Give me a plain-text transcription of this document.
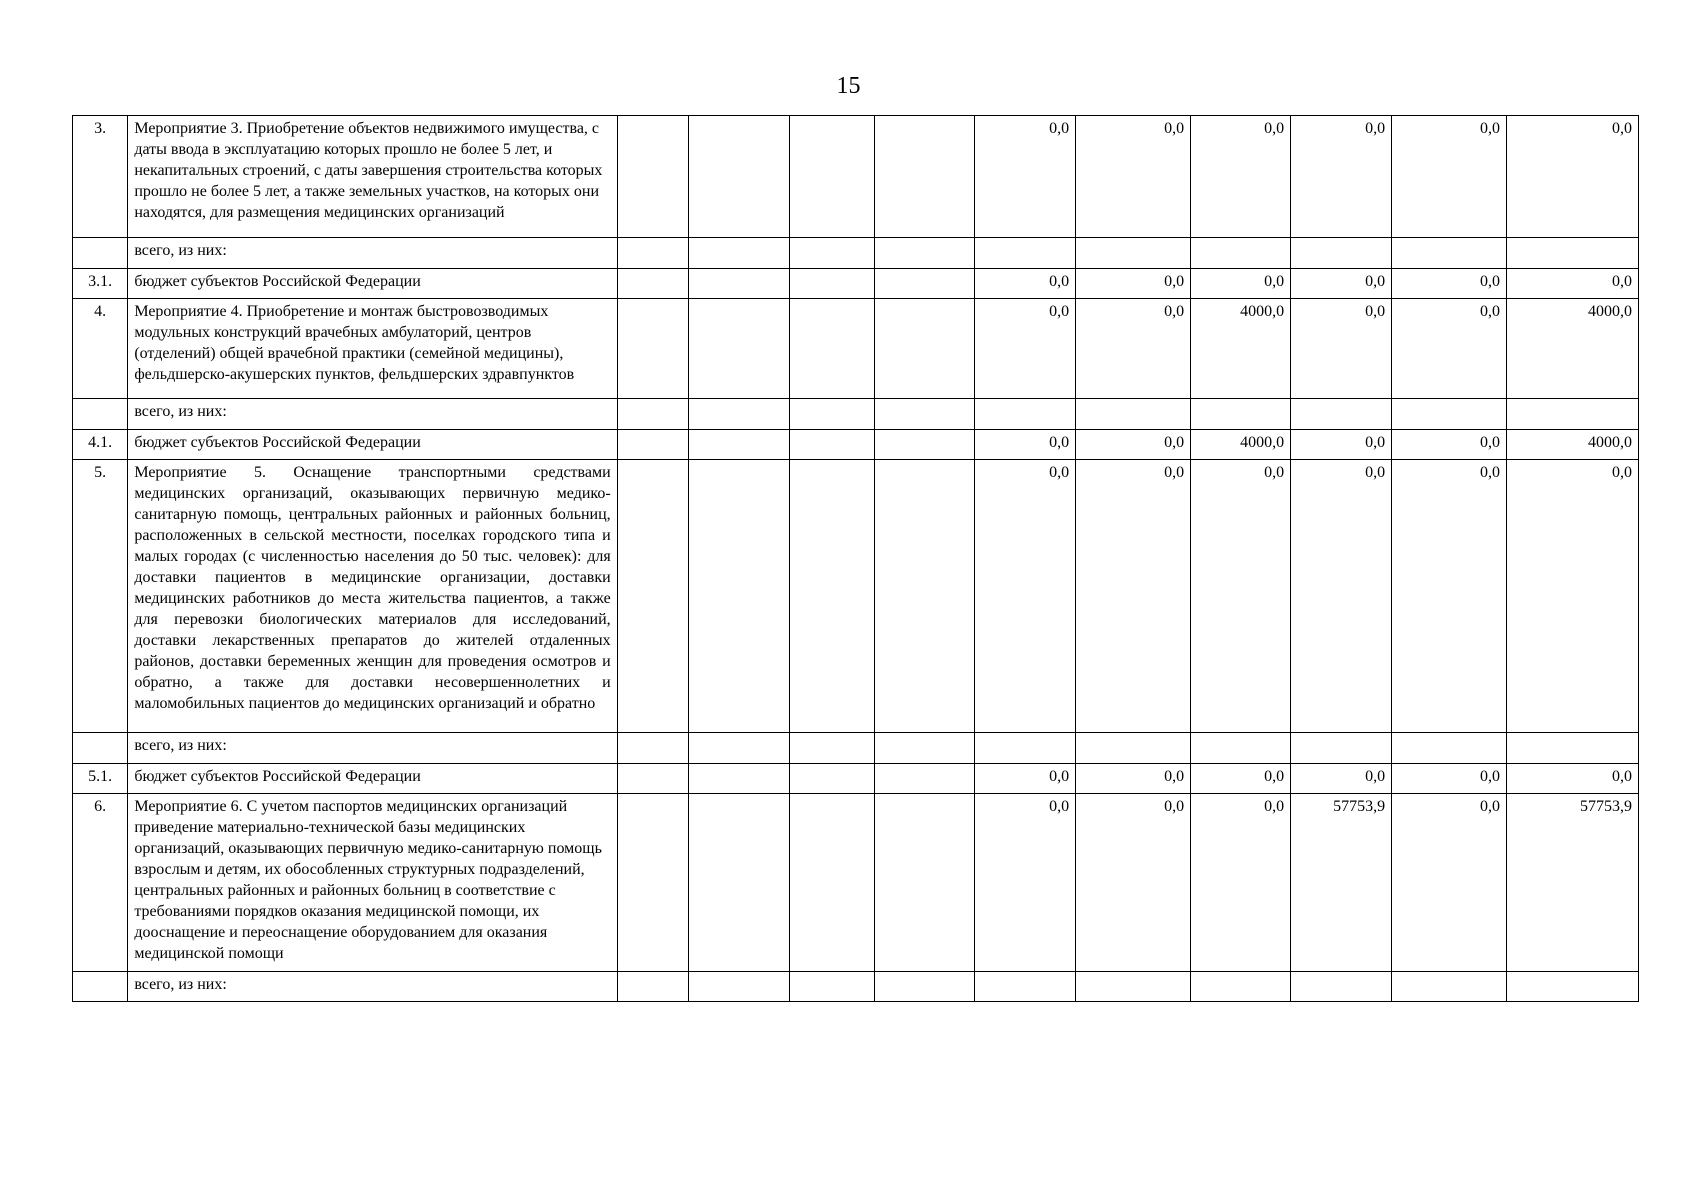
15
3.	Мероприятие 3. Приобретение объектов недвижимого имущества, с даты ввода в эксплуатацию которых прошло не более 5 лет, и некапитальных строений, с даты завершения строительства которых прошло не более 5 лет, а также земельных участков, на которых они находятся, для размещения медицинских организаций					0,0	0,0	0,0	0,0	0,0	0,0
	всего, из них:										
3.1.	бюджет субъектов Российской Федерации					0,0	0,0	0,0	0,0	0,0	0,0
4.	Мероприятие 4. Приобретение и монтаж быстровозводимых модульных конструкций врачебных амбулаторий, центров (отделений) общей врачебной практики (семейной медицины), фельдшерско-акушерских пунктов, фельдшерских здравпунктов					0,0	0,0	4000,0	0,0	0,0	4000,0
	всего, из них:										
4.1.	бюджет субъектов Российской Федерации					0,0	0,0	4000,0	0,0	0,0	4000,0
5.	Мероприятие 5. Оснащение транспортными средствами медицинских организаций, оказывающих первичную медико-санитарную помощь, центральных районных и районных больниц, расположенных в сельской местности, поселках городского типа и малых городах (с численностью населения до 50 тыс. человек): для доставки пациентов в медицинские организации, доставки медицинских работников до места жительства пациентов, а также для перевозки биологических материалов для исследований, доставки лекарственных препаратов до жителей отдаленных районов, доставки беременных женщин для проведения осмотров и обратно, а также для доставки несовершеннолетних и маломобильных пациентов до медицинских организаций и обратно					0,0	0,0	0,0	0,0	0,0	0,0
	всего, из них:										
5.1.	бюджет субъектов Российской Федерации					0,0	0,0	0,0	0,0	0,0	0,0
6.	Мероприятие 6. С учетом паспортов медицинских организаций приведение материально-технической базы медицинских организаций, оказывающих первичную медико-санитарную помощь взрослым и детям, их обособленных структурных подразделений, центральных районных и районных больниц в соответствие с требованиями порядков оказания медицинской помощи, их дооснащение и переоснащение оборудованием для оказания медицинской помощи					0,0	0,0	0,0	57753,9	0,0	57753,9
	всего, из них:										
